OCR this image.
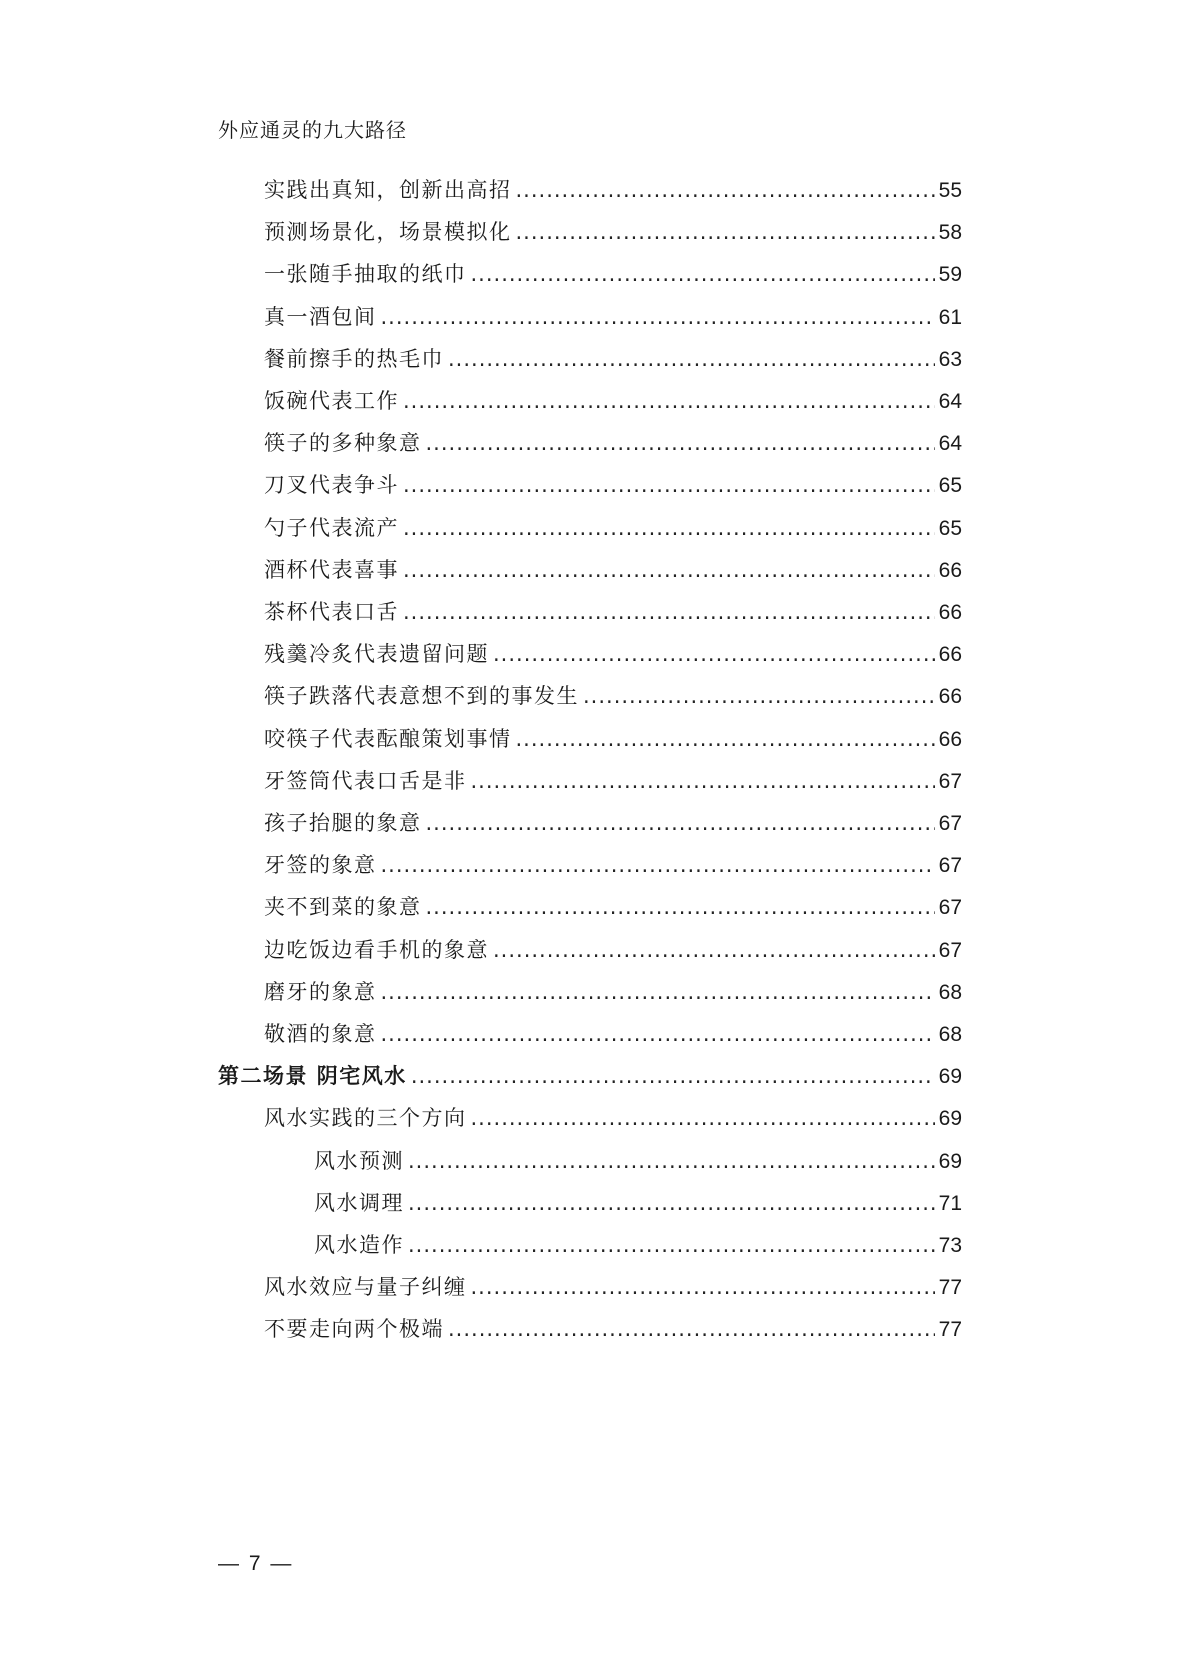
外应通灵的九大路径
实践出真知，创新出高招 .....	55
预测场景化，场景模拟化 .....	58
一张随手抽取的纸巾 .....	59
真一酒包间 .....	61
餐前擦手的热毛巾 .....	63
饭碗代表工作 .....	64
筷子的多种象意 .....	64
刀叉代表争斗 .....	65
勺子代表流产 .....	65
酒杯代表喜事 .....	66
茶杯代表口舌 .....	66
残羹冷炙代表遗留问题 .....	66
筷子跌落代表意想不到的事发生 .....	66
咬筷子代表酝酿策划事情 .....	66
牙签筒代表口舌是非 .....	67
孩子抬腿的象意 .....	67
牙签的象意 .....	67
夹不到菜的象意 .....	67
边吃饭边看手机的象意 .....	67
磨牙的象意 .....	68
敬酒的象意 .....	68
第二场景 阴宅风水 .....	69
风水实践的三个方向 .....	69
风水预测 .....	69
风水调理 .....	71
风水造作 .....	73
风水效应与量子纠缠 .....	77
不要走向两个极端 .....	77
— 7 —
